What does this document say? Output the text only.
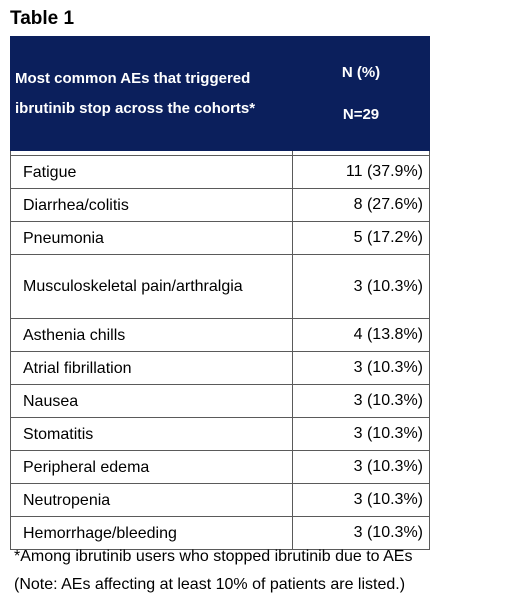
Table 1
Most common AEs that triggered ibrutinib stop across the cohorts*	N (%)
N=29

Fatigue	11 (37.9%)
Diarrhea/colitis	8 (27.6%)
Pneumonia	5 (17.2%)
Musculoskeletal pain/arthralgia	3 (10.3%)
Asthenia chills	4 (13.8%)
Atrial fibrillation	3 (10.3%)
Nausea	3 (10.3%)
Stomatitis	3 (10.3%)
Peripheral edema	3 (10.3%)
Neutropenia	3 (10.3%)
Hemorrhage/bleeding	3 (10.3%)

*Among ibrutinib users who stopped ibrutinib due to AEs

(Note: AEs affecting at least 10% of patients are listed.)
